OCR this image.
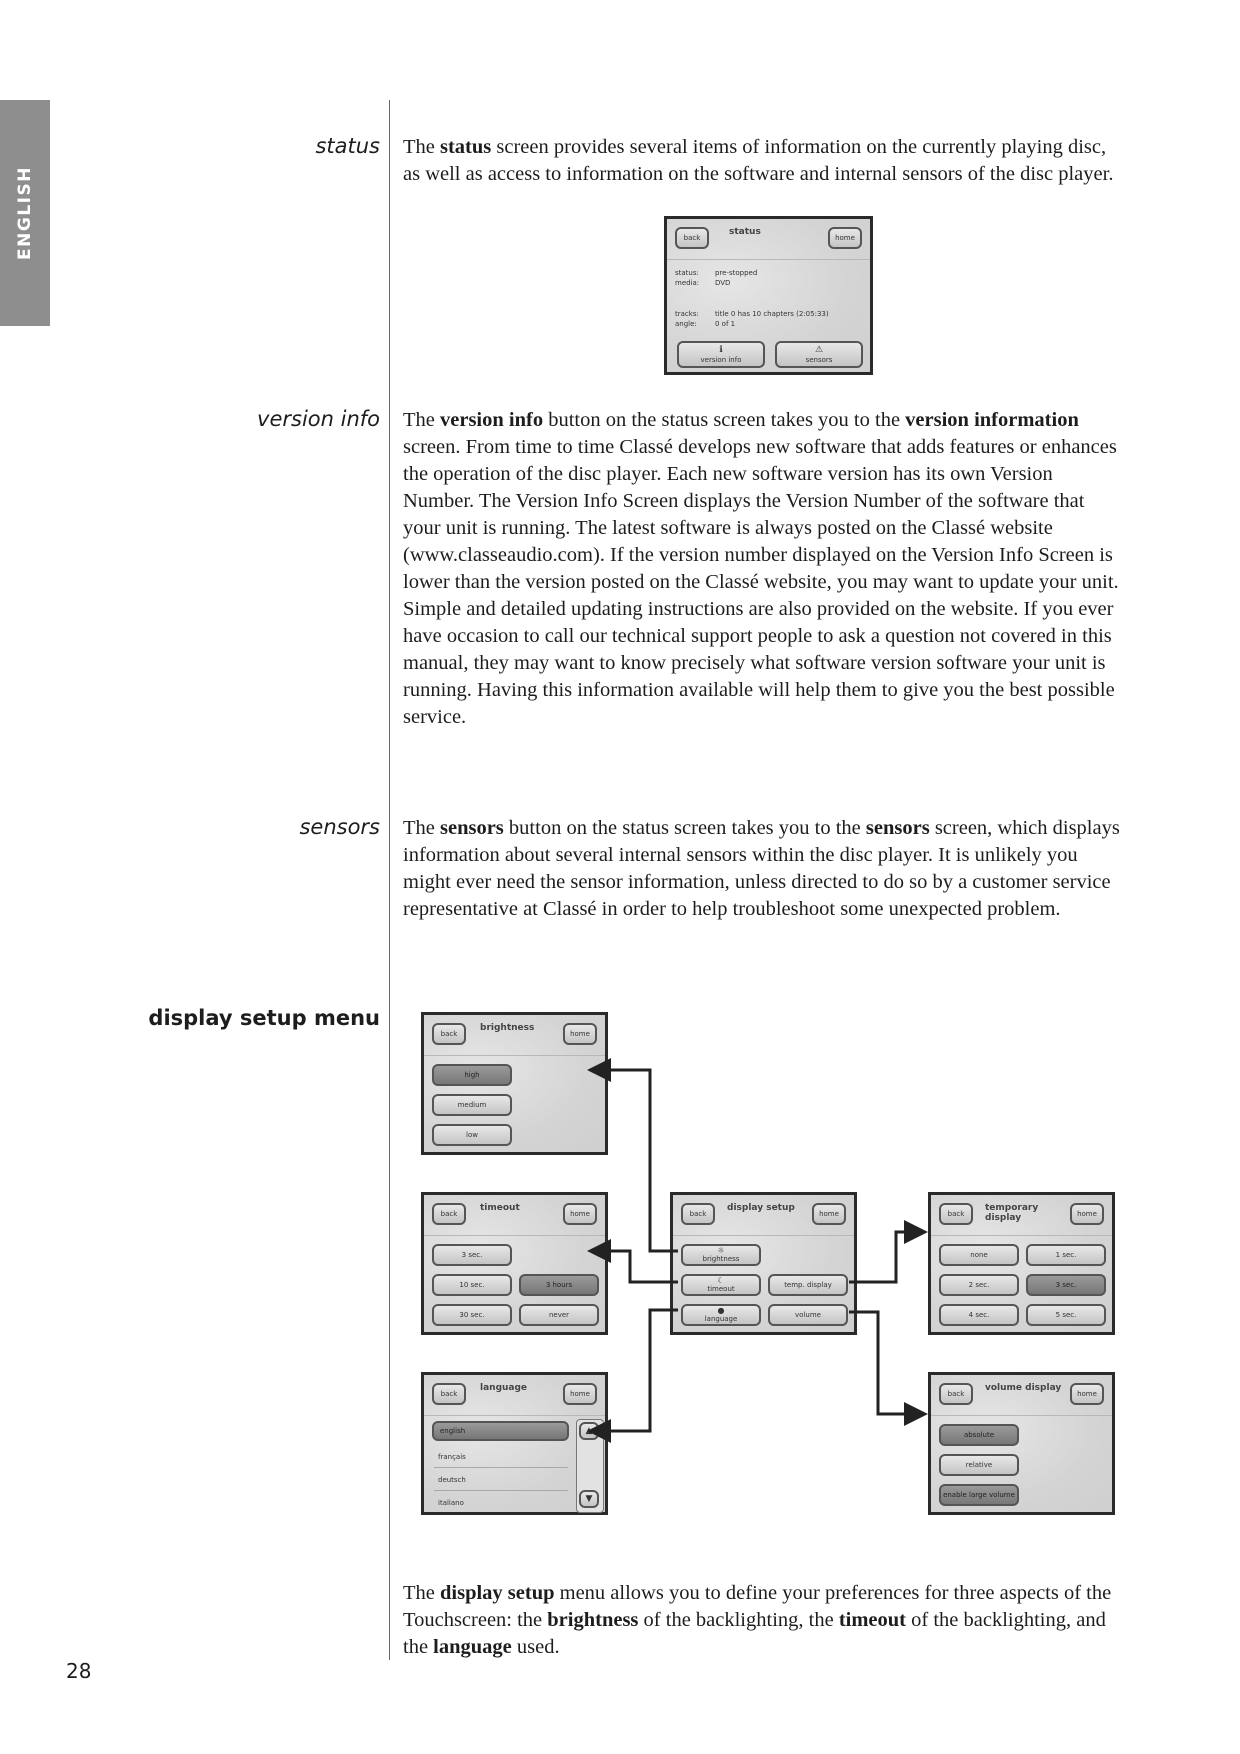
ENGLISH
status The status screen provides several items of information on the currently playing disc, as well as access to information on the software and internal sensors of the disc player.

back
status
home
status: pre-stopped
media: DVD
tracks: title 0 has 10 chapters (2:05:33)
angle:	0 of 1
ℹ
version info
⚠
sensors
version info The version info button on the status screen takes you to the version information screen. From time to time Classé develops new software that adds features or enhances the operation of the disc player. Each new software version has its own Version Number. The Version Info Screen displays the Version Number of the software that your unit is running. The latest software is always posted on the Classé website (www.classeaudio.com). If the version number displayed on the Version Info Screen is lower than the version posted on the Classé website, you may want to update your unit. Simple and detailed updating instructions are also provided on the website. If you ever have occasion to call our technical support people to ask a question not covered in this manual, they may want to know precisely what software version software your unit is running. Having this information available will help them to give you the best possible service.

sensors The sensors button on the status screen takes you to the sensors screen, which displays information about several internal sensors within the disc player. It is unlikely you might ever need the sensor information, unless directed to do so by a customer service representative at Classé in order to help troubleshoot some unexpected problem.

display setup menu
back
brightness
home
high
medium
low
back
timeout
home
3 sec.
10 sec.	3 hours
30 sec.	never
back
language
home
english
français
deutsch
italiano
▲
▼
back
display setup
home
☼
brightness
☾
timeout	temp. display
●
language	volume
back
temporary display	home
none	1 sec.
2 sec.	3 sec.
4 sec.	5 sec.
back
volume display
home
absolute
relative
enable large volume

The display setup menu allows you to define your preferences for three aspects of the Touchscreen: the brightness of the backlighting, the timeout of the backlighting, and the language used.

28
